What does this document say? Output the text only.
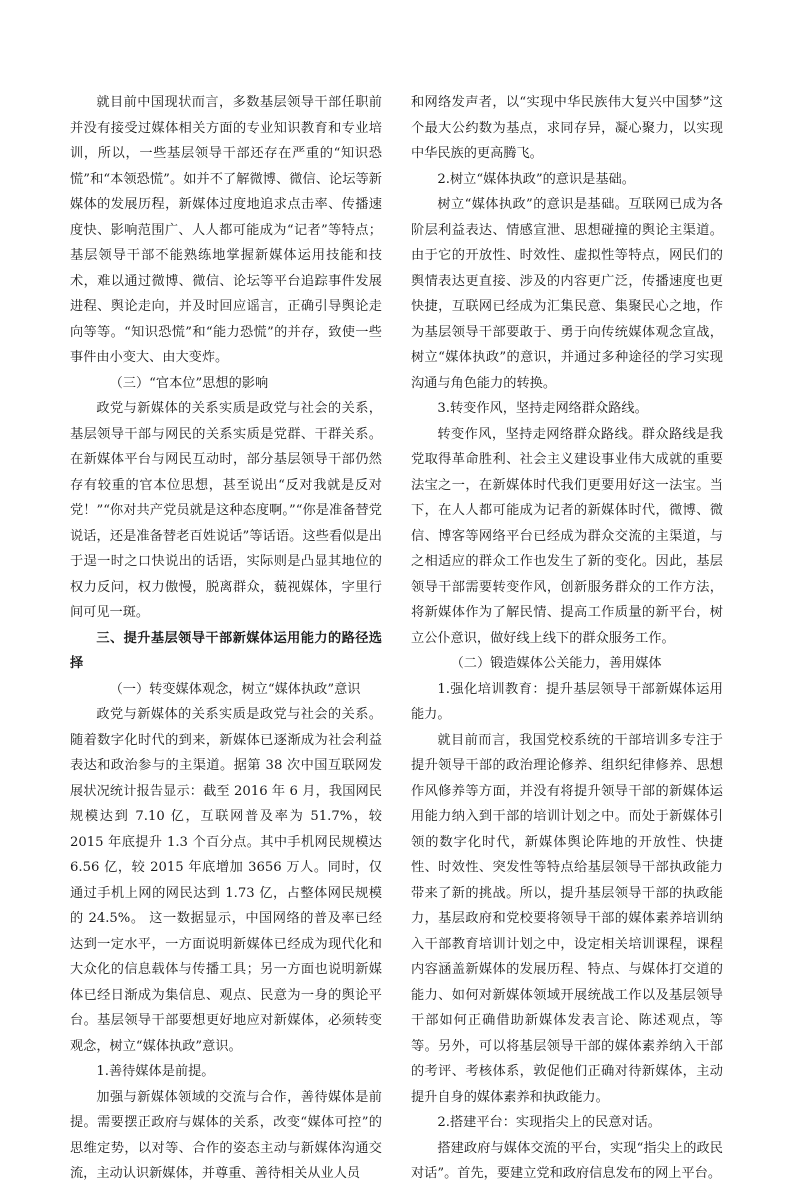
就目前中国现状而言，多数基层领导干部任职前并没有接受过媒体相关方面的专业知识教育和专业培训，所以，一些基层领导干部还存在严重的“知识恐慌”和“本领恐慌”。如并不了解微博、微信、论坛等新媒体的发展历程，新媒体过度地追求点击率、传播速度快、影响范围广、人人都可能成为“记者”等特点；基层领导干部不能熟练地掌握新媒体运用技能和技术，难以通过微博、微信、论坛等平台追踪事件发展进程、舆论走向，并及时回应谣言，正确引导舆论走向等等。“知识恐慌”和“能力恐慌”的并存，致使一些事件由小变大、由大变炸。

（三）“官本位”思想的影响

政党与新媒体的关系实质是政党与社会的关系，基层领导干部与网民的关系实质是党群、干群关系。在新媒体平台与网民互动时，部分基层领导干部仍然存有较重的官本位思想，甚至说出“反对我就是反对党！”“你对共产党员就是这种态度啊。”“你是准备替党说话，还是准备替老百姓说话”等话语。这些看似是出于逞一时之口快说出的话语，实际则是凸显其地位的权力反问，权力傲慢，脱离群众，藐视媒体，字里行间可见一斑。

三、提升基层领导干部新媒体运用能力的路径选择
（一）转变媒体观念，树立“媒体执政”意识

政党与新媒体的关系实质是政党与社会的关系。随着数字化时代的到来，新媒体已逐渐成为社会利益表达和政治参与的主渠道。据第 38 次中国互联网发展状况统计报告显示：截至 2016 年 6 月，我国网民规模达到 7.10 亿，互联网普及率为 51.7%，较 2015 年底提升 1.3 个百分点。其中手机网民规模达 6.56 亿，较 2015 年底增加 3656 万人。同时，仅通过手机上网的网民达到 1.73 亿，占整体网民规模的 24.5%。 这一数据显示，中国网络的普及率已经达到一定水平，一方面说明新媒体已经成为现代化和大众化的信息载体与传播工具；另一方面也说明新媒体已经日渐成为集信息、观点、民意为一身的舆论平台。基层领导干部要想更好地应对新媒体，必须转变观念，树立“媒体执政”意识。

1.善待媒体是前提。

加强与新媒体领域的交流与合作，善待媒体是前提。需要摆正政府与媒体的关系，改变“媒体可控”的思维定势，以对等、合作的姿态主动与新媒体沟通交流，主动认识新媒体，并尊重、善待相关从业人员

和网络发声者，以“实现中华民族伟大复兴中国梦”这个最大公约数为基点，求同存异，凝心聚力，以实现中华民族的更高腾飞。

2.树立“媒体执政”的意识是基础。

树立“媒体执政”的意识是基础。互联网已成为各阶层利益表达、情感宣泄、思想碰撞的舆论主渠道。由于它的开放性、时效性、虚拟性等特点，网民们的舆情表达更直接、涉及的内容更广泛，传播速度也更快捷，互联网已经成为汇集民意、集聚民心之地，作为基层领导干部要敢于、勇于向传统媒体观念宣战，树立“媒体执政”的意识，并通过多种途径的学习实现沟通与角色能力的转换。

3.转变作风，坚持走网络群众路线。

转变作风，坚持走网络群众路线。群众路线是我党取得革命胜利、社会主义建设事业伟大成就的重要法宝之一，在新媒体时代我们更要用好这一法宝。当下，在人人都可能成为记者的新媒体时代，微博、微信、博客等网络平台已经成为群众交流的主渠道，与之相适应的群众工作也发生了新的变化。因此，基层领导干部需要转变作风，创新服务群众的工作方法，将新媒体作为了解民情、提高工作质量的新平台，树立公仆意识，做好线上线下的群众服务工作。

（二）锻造媒体公关能力，善用媒体

1.强化培训教育：提升基层领导干部新媒体运用能力。

就目前而言，我国党校系统的干部培训多专注于提升领导干部的政治理论修养、组织纪律修养、思想作风修养等方面，并没有将提升领导干部的新媒体运用能力纳入到干部的培训计划之中。而处于新媒体引领的数字化时代，新媒体舆论阵地的开放性、快捷性、时效性、突发性等特点给基层领导干部执政能力带来了新的挑战。所以，提升基层领导干部的执政能力，基层政府和党校要将领导干部的媒体素养培训纳入干部教育培训计划之中，设定相关培训课程，课程内容涵盖新媒体的发展历程、特点、与媒体打交道的能力、如何对新媒体领域开展统战工作以及基层领导干部如何正确借助新媒体发表言论、陈述观点，等等。另外，可以将基层领导干部的媒体素养纳入干部的考评、考核体系，敦促他们正确对待新媒体，主动提升自身的媒体素养和执政能力。

2.搭建平台：实现指尖上的民意对话。

搭建政府与媒体交流的平台，实现“指尖上的政民对话”。首先，要建立党和政府信息发布的网上平台。
